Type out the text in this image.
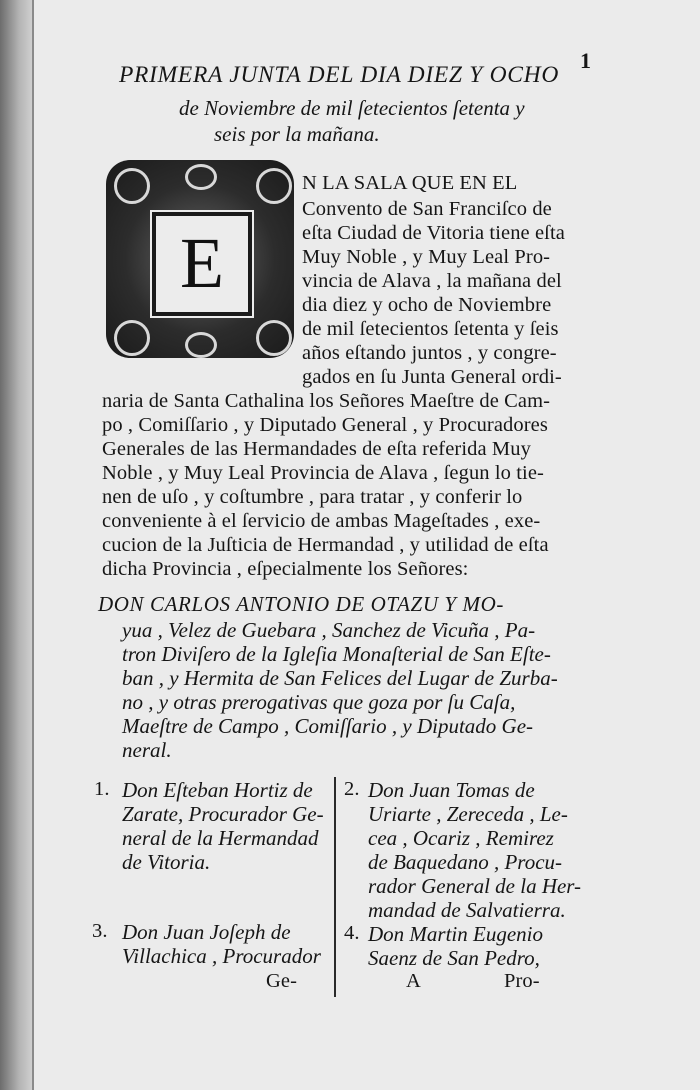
1
PRIMERA JUNTA DEL DIA DIEZ Y OCHO
de Noviembre de mil ſetecientos ſetenta y
seis por la mañana.
E
N LA SALA QUE EN EL
Convento de San Franciſco de
eſta Ciudad de Vitoria tiene eſta
Muy Noble , y Muy Leal Pro-
vincia de Alava , la mañana del
dia diez y ocho de Noviembre
de mil ſetecientos ſetenta y ſeis
años eſtando juntos , y congre-
gados en ſu Junta General ordi-
naria de Santa Cathalina los Señores Maeſtre de Cam-
po , Comiſſario , y Diputado General , y Procuradores
Generales de las Hermandades de eſta referida Muy
Noble , y Muy Leal Provincia de Alava , ſegun lo tie-
nen de uſo , y coſtumbre , para tratar , y conferir lo
conveniente à el ſervicio de ambas Mageſtades , exe-
cucion de la Juſticia de Hermandad , y utilidad de eſta
dicha Provincia , eſpecialmente los Señores:
DON CARLOS ANTONIO DE OTAZU Y MO-
yua , Velez de Guebara , Sanchez de Vicuña , Pa-
tron Diviſero de la Igleſia Monaſterial de San Eſte-
ban , y Hermita de San Felices del Lugar de Zurba-
no , y otras prerogativas que goza por ſu Caſa,
Maeſtre de Campo , Comiſſario , y Diputado Ge-
neral.
1. Don Eſteban Hortiz de
Zarate, Procurador Ge-
neral de la Hermandad
de Vitoria.
3. Don Juan Joſeph de
Villachica , Procurador
Ge-
2. Don Juan Tomas de
Uriarte , Zereceda , Le-
cea , Ocariz , Remirez
de Baquedano , Procu-
rador General de la Her-
mandad de Salvatierra.
4. Don Martin Eugenio
Saenz de San Pedro,
A	Pro-
